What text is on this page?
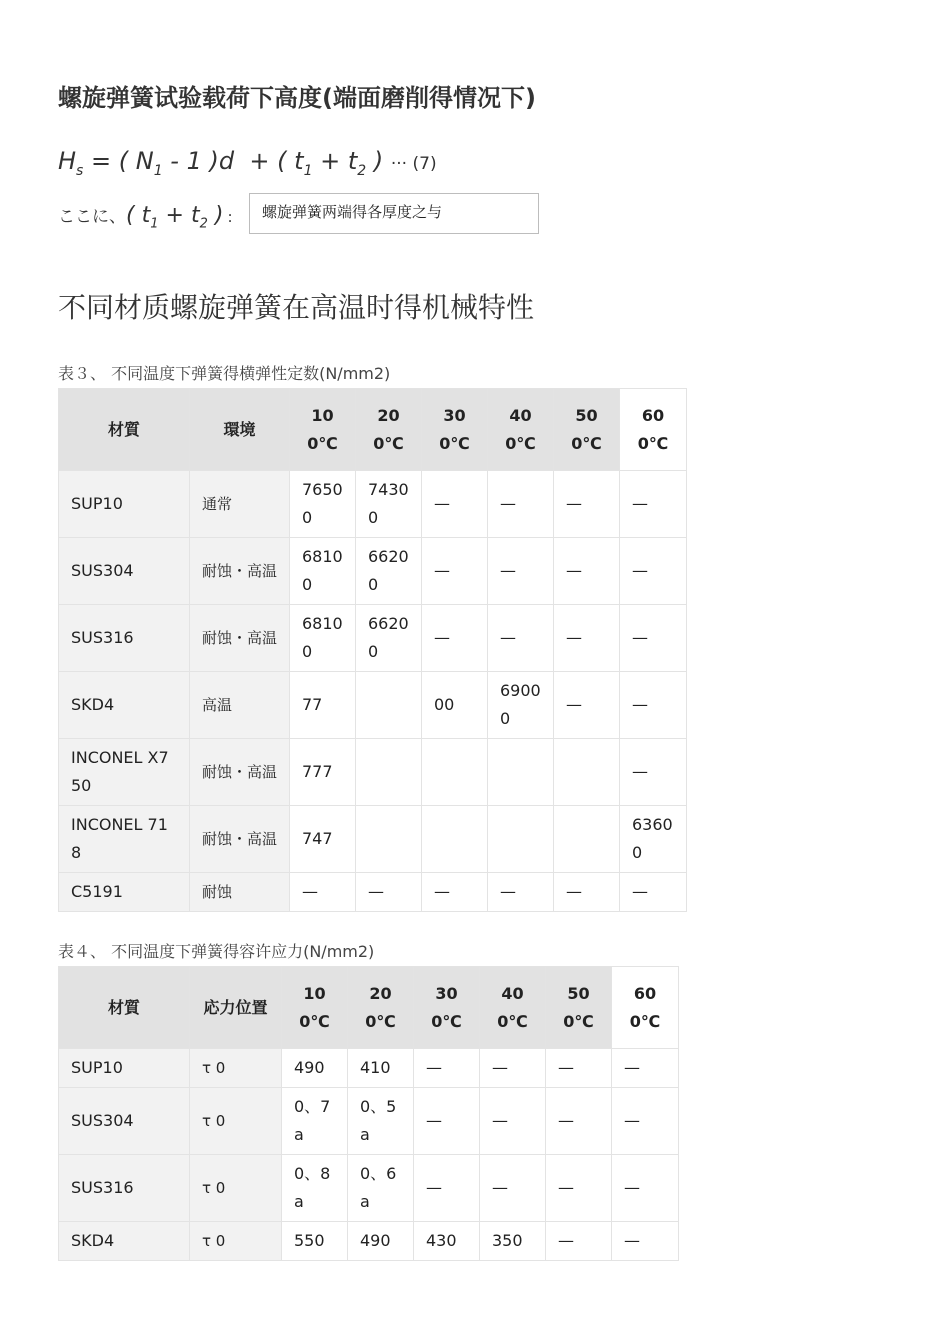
螺旋弹簧试验载荷下高度(端面磨削得情况下)
$H_s$ = ( $N_1 - 1$ )d + ( $t_1 + t_2$ ) ··· (7)
ここに、( $t_1 + t_2$ ) :	螺旋弹簧两端得各厚度之与
不同材质螺旋弹簧在高温时得机械特性
表３、 不同温度下弹簧得横弹性定数(N/mm2)
材質	環境	100℃	200℃	300℃	400℃	500℃	600℃
SUP10	通常	76500	74300	—	—	—	—
SUS304	耐蚀・高温	68100	66200	—	—	—	—
SUS316	耐蚀・高温	68100	66200	—	—	—	—
SKD4	高温	77		00	69000	—	—
INCONEL X750	耐蚀・高温	777					—
INCONEL 718	耐蚀・高温	747					63600
C5191	耐蚀	—	—	—	—	—	—
表４、 不同温度下弹簧得容许应力(N/mm2)
材質	応力位置	100℃	200℃	300℃	400℃	500℃	600℃
SUP10	τ 0	490	410	—	—	—	—
SUS304	τ 0	0、7a	0、5a	—	—	—	—
SUS316	τ 0	0、8a	0、6a	—	—	—	—
SKD4	τ 0	550	490	430	350	—	—
